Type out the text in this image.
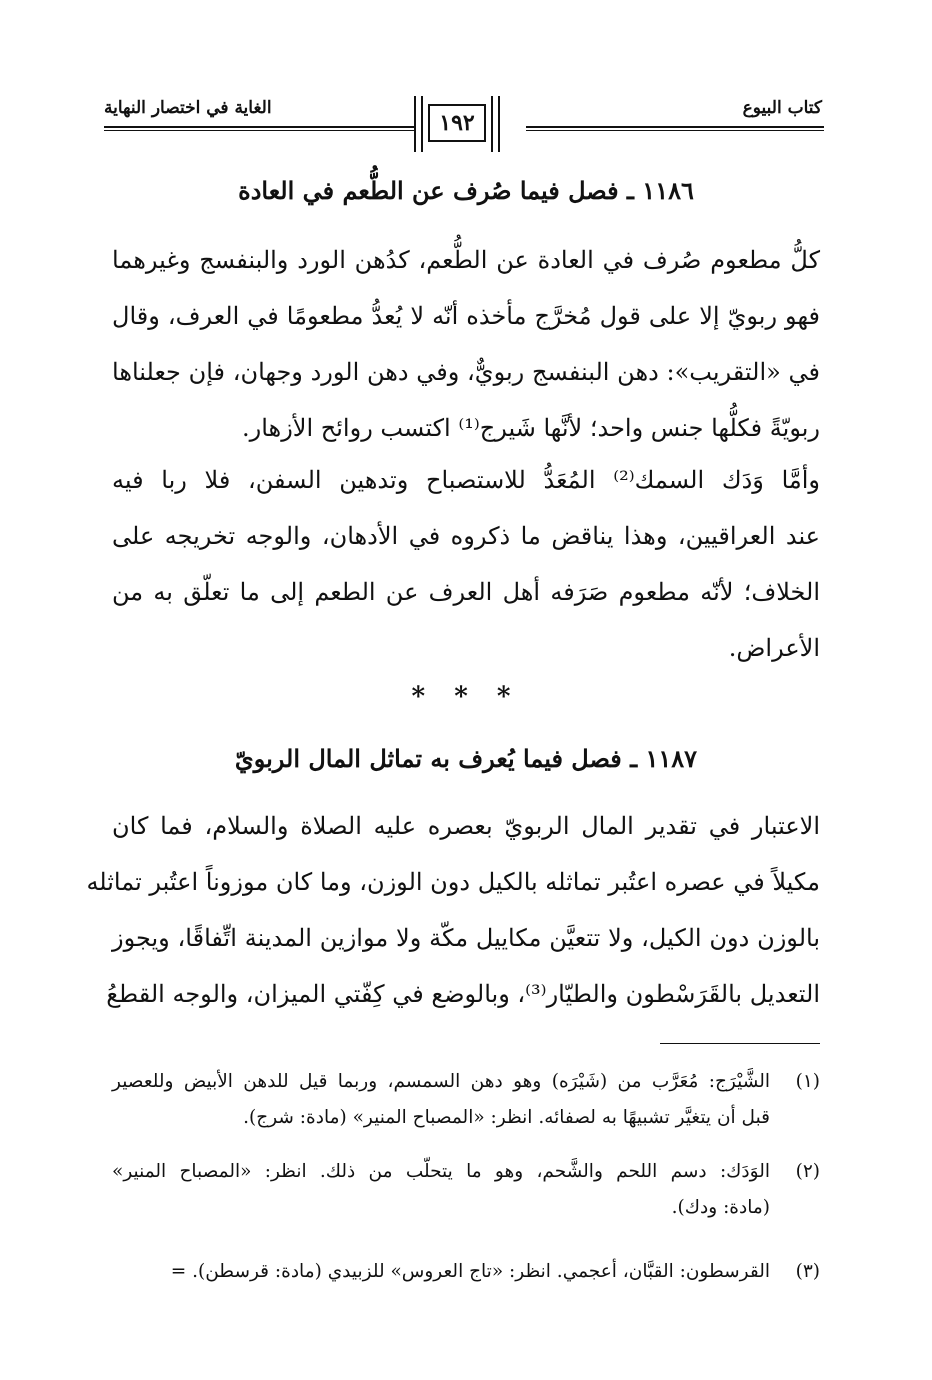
كتاب البيوع
الغاية في اختصار النهاية
١٩٢
١١٨٦ ـ فصل فيما صُرف عن الطُّعم في العادة
كلُّ مطعوم صُرف في العادة عن الطُّعم، كدُهن الورد والبنفسج وغيرهما
فهو ربويّ إلا على قول مُخرَّج مأخذه أنّه لا يُعدُّ مطعومًا في العرف، وقال
في «التقريب»: دهن البنفسج ربويٌّ، وفي دهن الورد وجهان، فإن جعلناها
ربويّةً فكلُّها جنس واحد؛ لأنَّها شَيرج⁽¹⁾ اكتسب روائح الأزهار.
وأمَّا وَدَك السمك⁽²⁾ المُعَدُّ للاستصباح وتدهين السفن، فلا ربا فيه
عند العراقيين، وهذا يناقض ما ذكروه في الأدهان، والوجه تخريجه على
الخلاف؛ لأنّه مطعوم صَرَفه أهل العرف عن الطعم إلى ما تعلّق به من
الأعراض.
* * *
١١٨٧ ـ فصل فيما يُعرف به تماثل المال الربويّ
الاعتبار في تقدير المال الربويّ بعصره عليه الصلاة والسلام، فما كان
مكيلاً في عصره اعتُبر تماثله بالكيل دون الوزن، وما كان موزوناً اعتُبر تماثله
بالوزن دون الكيل، ولا تتعيَّن مكاييل مكّة ولا موازين المدينة اتِّفاقًا، ويجوز
التعديل بالقَرَسْطون والطيّار⁽³⁾، وبالوضع في كِفّتي الميزان، والوجه القطعُ
(١)
الشَّيْرَج: مُعَرَّب من (شَيْرَه) وهو دهن السمسم، وربما قيل للدهن الأبيض وللعصير
قبل أن يتغيَّر تشبيهًا به لصفائه. انظر: «المصباح المنير» (مادة: شرج).
(٢)
الوَدَك: دسم اللحم والشَّحم، وهو ما يتحلّب من ذلك. انظر: «المصباح المنير»
(مادة: ودك).
(٣)
القرسطون: القبَّان، أعجمي. انظر: «تاج العروس» للزبيدي (مادة: قرسطن). =
